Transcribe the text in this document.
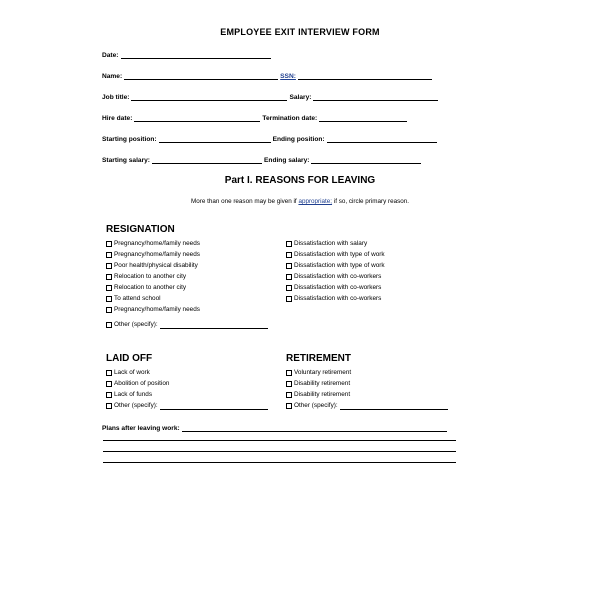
EMPLOYEE EXIT INTERVIEW FORM
Date:
Name:	SSN:
Job title:	Salary:
Hire date:	Termination date:
Starting position:	Ending position:
Starting salary:	Ending salary:
Part I. REASONS FOR LEAVING
More than one reason may be given if appropriate; if so, circle primary reason.
RESIGNATION
Pregnancy/home/family needs
Pregnancy/home/family needs
Poor health/physical disability
Relocation to another city
Relocation to another city
To attend school
Pregnancy/home/family needs
Other (specify):
Dissatisfaction with salary
Dissatisfaction with type of work
Dissatisfaction with type of work
Dissatisfaction with co-workers
Dissatisfaction with co-workers
Dissatisfaction with co-workers
LAID OFF
Lack of work
Abolition of position
Lack of funds
Other (specify):
RETIREMENT
Voluntary retirement
Disability retirement
Disability retirement
Other (specify):
Plans after leaving work:
